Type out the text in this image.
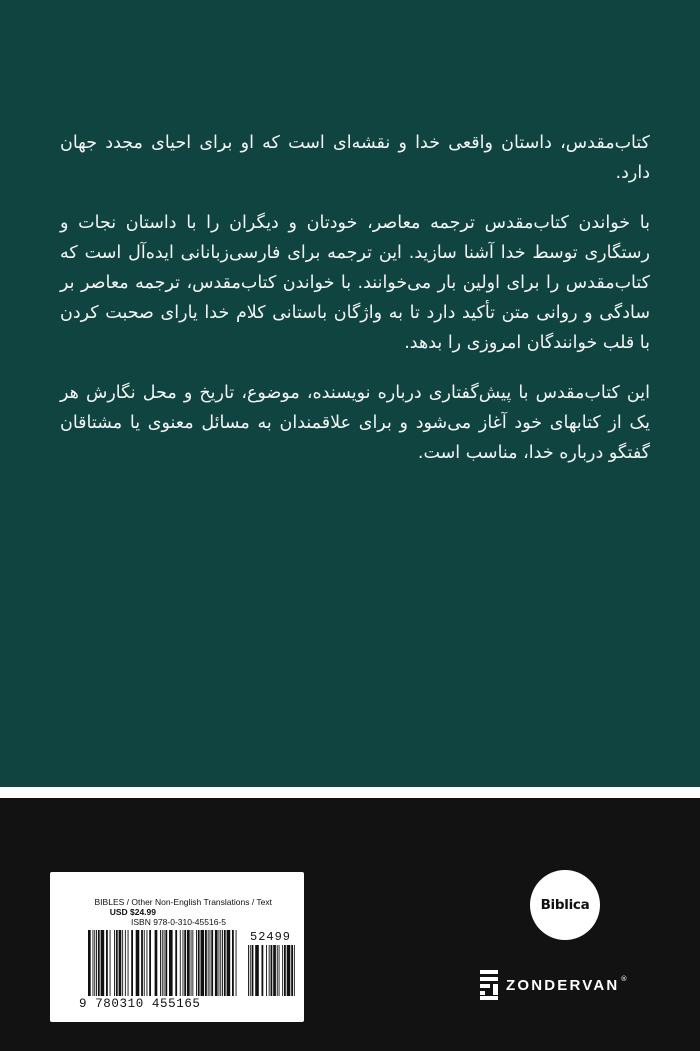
کتاب‌مقدس، داستان واقعی خدا و نقشه‌ای است که او برای احیای مجدد جهان دارد.

با خواندن کتاب‌مقدس ترجمه معاصر، خودتان و دیگران را با داستان نجات و رستگاری توسط خدا آشنا سازید. این ترجمه برای فارسی‌زبانانی ایده‌آل است که کتاب‌مقدس را برای اولین بار می‌خوانند. با خواندن کتاب‌مقدس، ترجمه معاصر بر سادگی و روانی متن تأکید دارد تا به واژگان باستانی کلام خدا یارای صحبت کردن با قلب خوانندگان امروزی را بدهد.

این کتاب‌مقدس با پیش‌گفتاری درباره نویسنده، موضوع، تاریخ و محل نگارش هر یک از کتابهای خود آغاز می‌شود و برای علاقمندان به مسائل معنوی یا مشتاقان گفتگو درباره خدا، مناسب است.

BIBLES / Other Non-English Translations / Text
USD $24.99
ISBN 978-0-310-45516-5
52499
9 780310 455165
Biblica
ZONDERVAN ®
